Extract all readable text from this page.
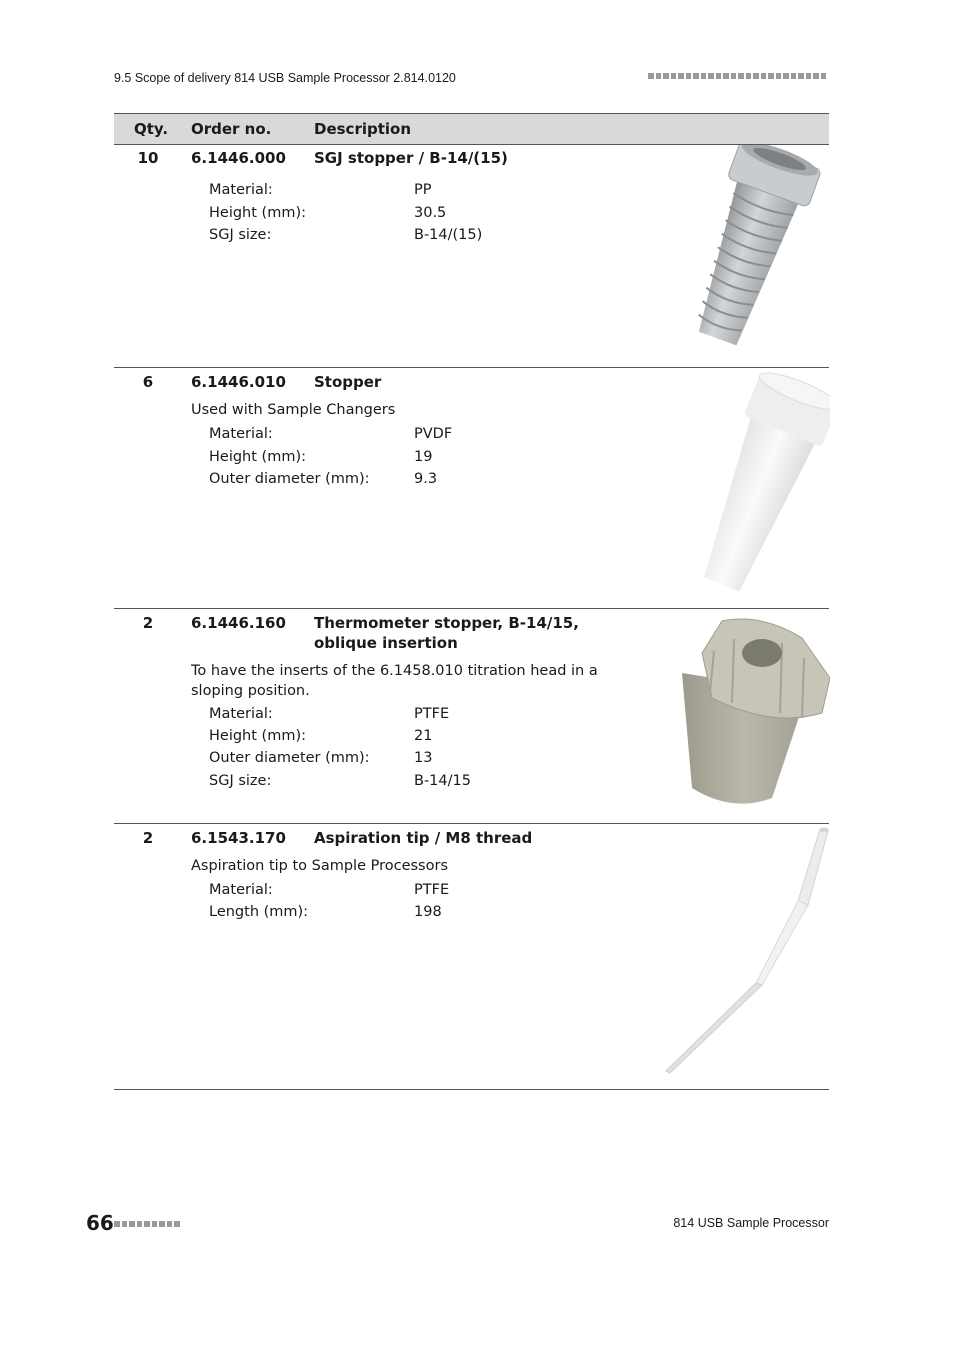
9.5 Scope of delivery 814 USB Sample Processor 2.814.0120
Qty. Order no.	Description
10	6.1446.000 SGJ stopper / B-14/(15)
Material:	PP
Height (mm):	30.5
SGJ size:	B-14/(15)
6	6.1446.010 Stopper
Used with Sample Changers
Material:	PVDF
Height (mm):	19
Outer diameter (mm):	9.3
2	6.1446.160 Thermometer stopper, B-14/15, oblique insertion
To have the inserts of the 6.1458.010 titration head in a sloping position.
Material:	PTFE
Height (mm):	21
Outer diameter (mm):	13
SGJ size:	B-14/15
2	6.1543.170 Aspiration tip / M8 thread
Aspiration tip to Sample Processors
Material:	PTFE
Length (mm):	198
66	814 USB Sample Processor
